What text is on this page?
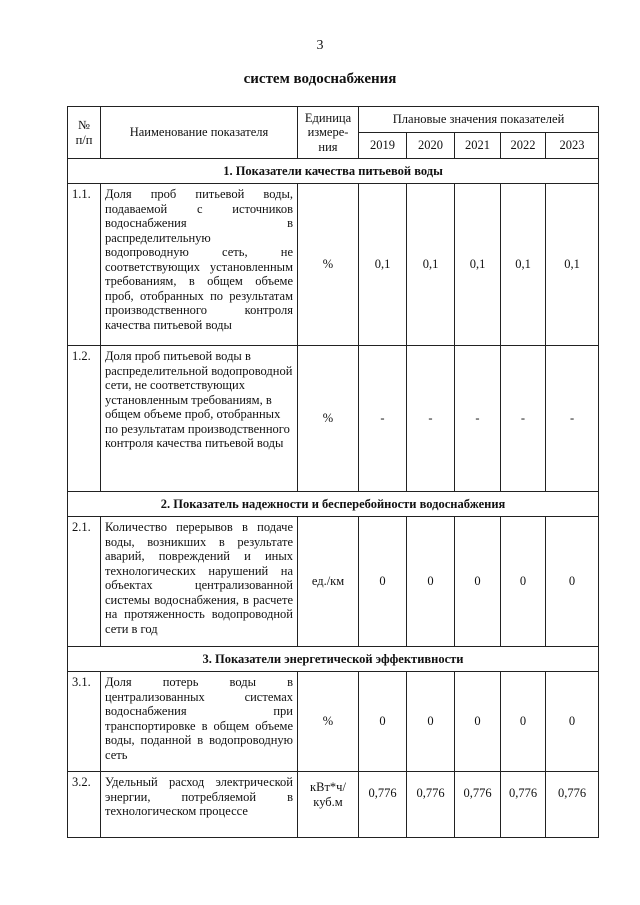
3
систем водоснабжения
№ п/п	Наименование показателя	Единица измере-ния	Плановые значения показателей				
			2019	2020	2021	2022	2023
1. Показатели качества питьевой воды							
1.1.	Доля проб питьевой воды, подаваемой с источников водоснабжения в распределительную водопроводную сеть, не соответствующих установленным требованиям, в общем объеме проб, отобранных по результатам производственного контроля качества питьевой воды	%	0,1	0,1	0,1	0,1	0,1
1.2.	Доля проб питьевой воды в распределительной водопроводной сети, не соответствующих установленным требованиям, в общем объеме проб, отобранных по результатам производственного контроля качества питьевой воды	%	-	-	-	-	-
2. Показатель надежности и бесперебойности водоснабжения							
2.1.	Количество перерывов в подаче воды, возникших в результате аварий, повреждений и иных технологических нарушений на объектах централизованной системы водоснабжения, в расчете на протяженность водопроводной сети в год	ед./км	0	0	0	0	0
3. Показатели энергетической эффективности							
3.1.	Доля потерь воды в централизованных системах водоснабжения при транспортировке в общем объеме воды, поданной в водопроводную сеть	%	0	0	0	0	0
3.2.	Удельный расход электрической энергии, потребляемой в технологическом процессе	кВт*ч/ куб.м	0,776	0,776	0,776	0,776	0,776
